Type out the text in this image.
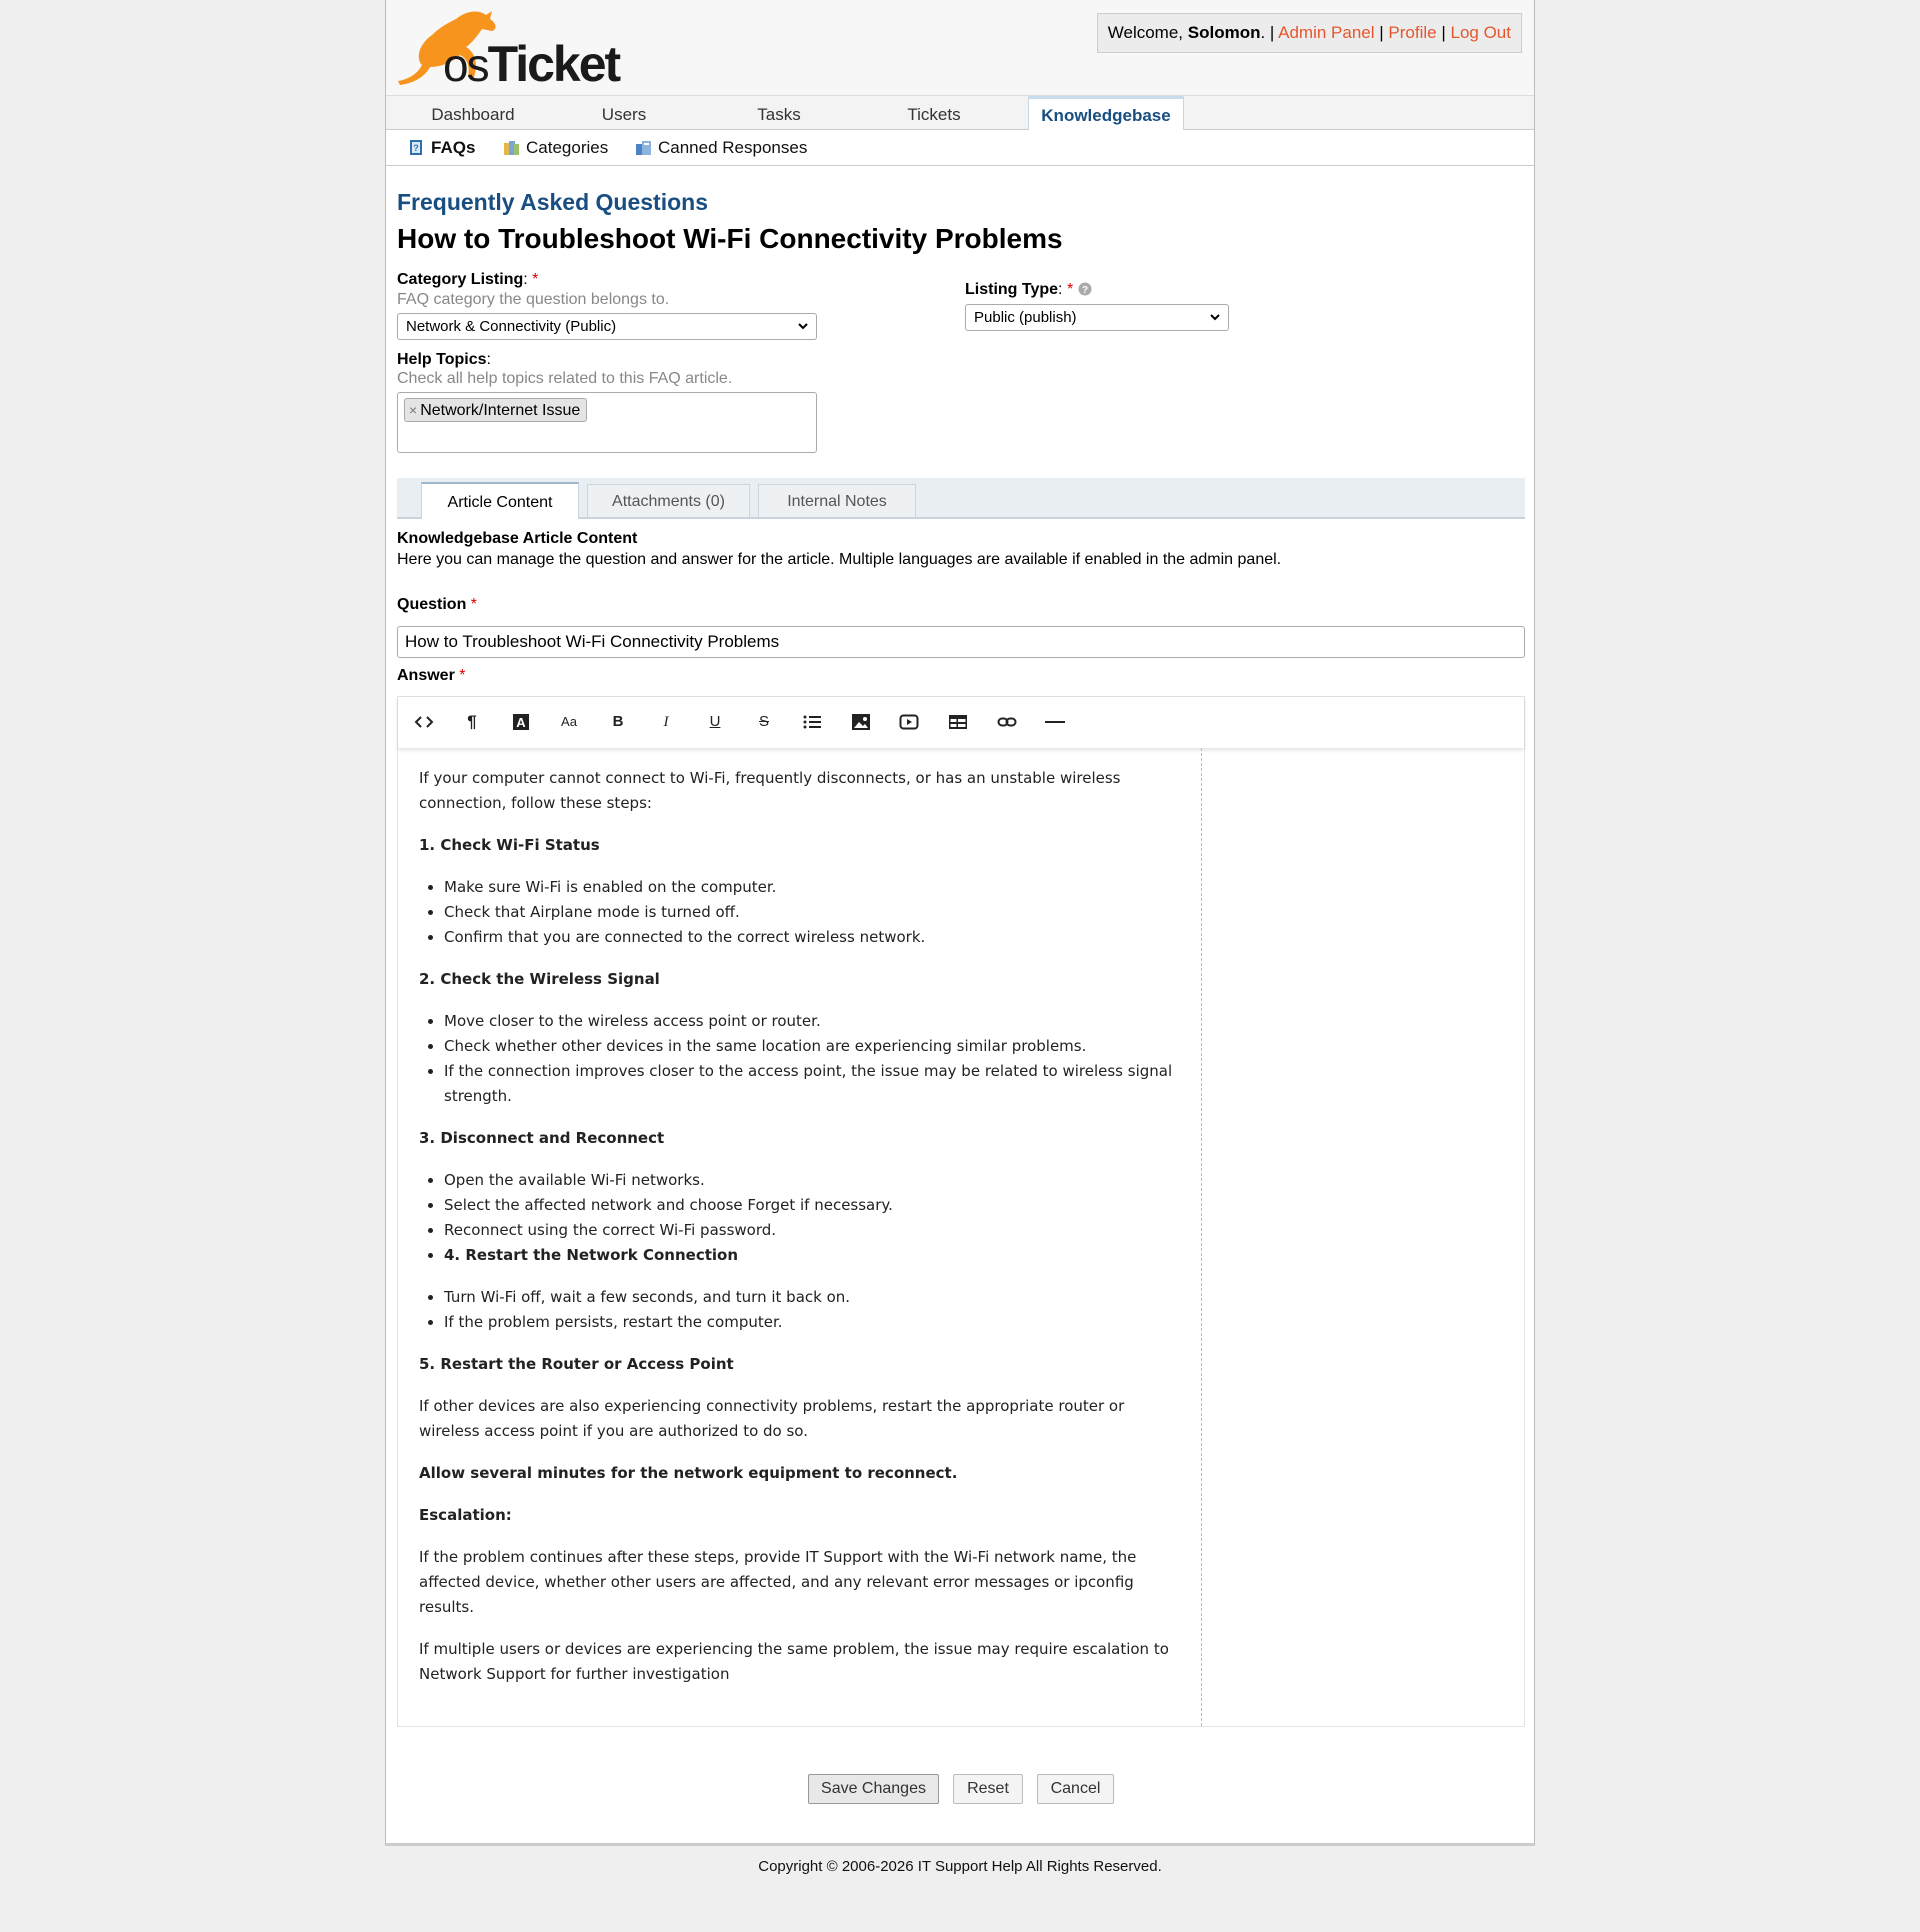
osTicket
Welcome, Solomon. | Admin Panel | Profile | Log Out
Dashboard	Users	Tasks	Tickets	Knowledgebase
? FAQs	Categories	Canned Responses
Frequently Asked Questions
How to Troubleshoot Wi-Fi Connectivity Problems
Category Listing: *
FAQ category the question belongs to.
Network & Connectivity (Public)
Listing Type: * ?
Public (publish)
Help Topics:
Check all help topics related to this FAQ article.
× Network/Internet Issue
Article Content	Attachments (0)	Internal Notes
Knowledgebase Article Content
Here you can manage the question and answer for the article. Multiple languages are available if enabled in the admin panel.
Question *
How to Troubleshoot Wi-Fi Connectivity Problems
Answer *
¶	A	Aa	B	I	U	S

If your computer cannot connect to Wi-Fi, frequently disconnects, or has an unstable wireless connection, follow these steps:

1. Check Wi-Fi Status

• Make sure Wi-Fi is enabled on the computer.
• Check that Airplane mode is turned off.
• Confirm that you are connected to the correct wireless network.

2. Check the Wireless Signal

• Move closer to the wireless access point or router.
• Check whether other devices in the same location are experiencing similar problems.
• If the connection improves closer to the access point, the issue may be related to wireless signal strength.

3. Disconnect and Reconnect

• Open the available Wi-Fi networks.
• Select the affected network and choose Forget if necessary.
• Reconnect using the correct Wi-Fi password.
• 4. Restart the Network Connection
• Turn Wi-Fi off, wait a few seconds, and turn it back on.
• If the problem persists, restart the computer.

5. Restart the Router or Access Point

If other devices are also experiencing connectivity problems, restart the appropriate router or wireless access point if you are authorized to do so.

Allow several minutes for the network equipment to reconnect.

Escalation:

If the problem continues after these steps, provide IT Support with the Wi-Fi network name, the affected device, whether other users are affected, and any relevant error messages or ipconfig results.

If multiple users or devices are experiencing the same problem, the issue may require escalation to Network Support for further investigation

Save Changes	Reset	Cancel
Copyright © 2006-2026 IT Support Help All Rights Reserved.
